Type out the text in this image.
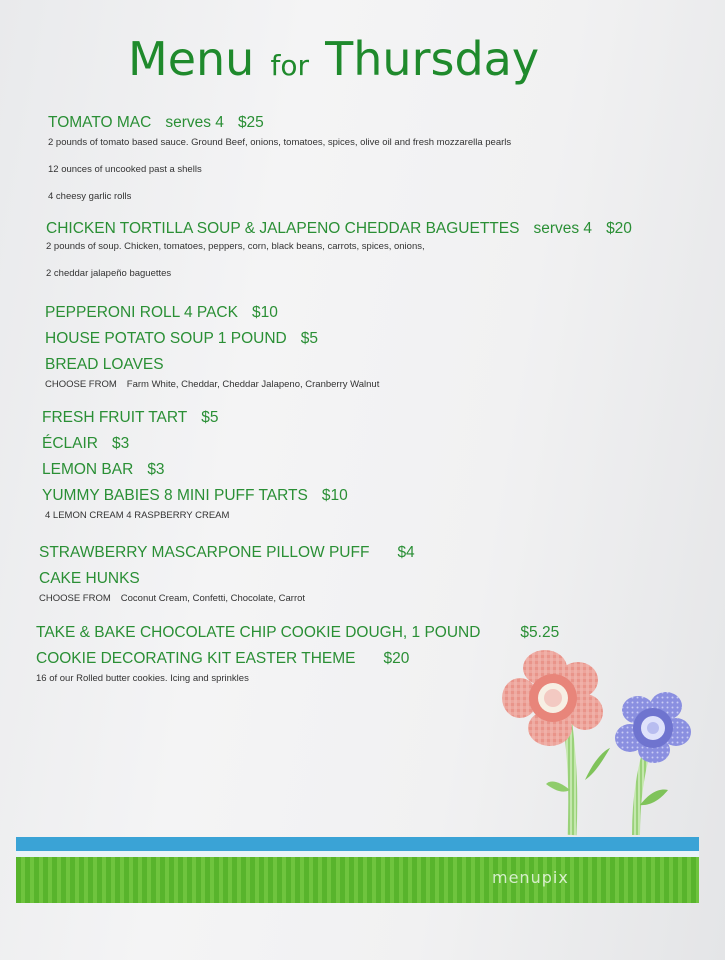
Menu for Thursday

TOMATO MAC serves 4 $25

2 pounds of tomato based sauce. Ground Beef, onions, tomatoes, spices, olive oil and fresh mozzarella pearls

12 ounces of uncooked past a shells

4 cheesy garlic rolls

CHICKEN TORTILLA SOUP & JALAPENO CHEDDAR BAGUETTES serves 4 $20

2 pounds of soup. Chicken, tomatoes, peppers, corn, black beans, carrots, spices, onions,

2 cheddar jalapeño baguettes

PEPPERONI ROLL 4 PACK $10

HOUSE POTATO SOUP 1 POUND $5

BREAD LOAVES

CHOOSE FROM Farm White, Cheddar, Cheddar Jalapeno, Cranberry Walnut

FRESH FRUIT TART $5

ÉCLAIR $3

LEMON BAR $3

YUMMY BABIES 8 MINI PUFF TARTS $10

4 LEMON CREAM 4 RASPBERRY CREAM

STRAWBERRY MASCARPONE PILLOW PUFF $4

CAKE HUNKS

CHOOSE FROM Coconut Cream, Confetti, Chocolate, Carrot

TAKE & BAKE CHOCOLATE CHIP COOKIE DOUGH, 1 POUND	$5.25

COOKIE DECORATING KIT EASTER THEME $20

16 of our Rolled butter cookies. Icing and sprinkles

menupix
